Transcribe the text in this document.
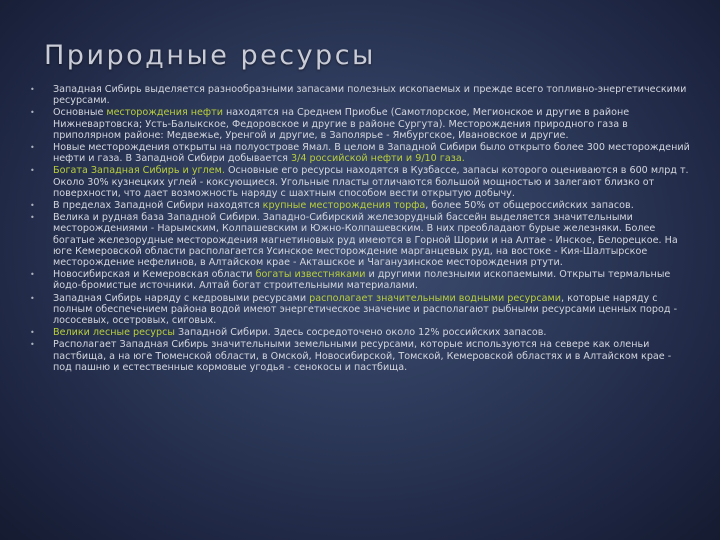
Природные ресурсы
• Западная Сибирь выделяется разнообразными запасами полезных ископаемых и прежде всего топливно-энергетическими ресурсами.
• Основные месторождения нефти находятся на Среднем Приобье (Самотлорское, Мегионское и другие в районе Нижневартовска; Усть-Балыкское, Федоровское и другие в районе Сургута). Месторождения природного газа в приполярном районе: Медвежье, Уренгой и другие, в Заполярье - Ямбургское, Ивановское и другие.
• Новые месторождения открыты на полуострове Ямал. В целом в Западной Сибири было открыто более 300 месторождений нефти и газа. В Западной Сибири добывается 3/4 российской нефти и 9/10 газа.
• Богата Западная Сибирь и углем. Основные его ресурсы находятся в Кузбассе, запасы которого оцениваются в 600 млрд т. Около 30% кузнецких углей - коксующиеся. Угольные пласты отличаются большой мощностью и залегают близко от поверхности, что дает возможность наряду с шахтным способом вести открытую добычу.
• В пределах Западной Сибири находятся крупные месторождения торфа, более 50% от общероссийских запасов.
• Велика и рудная база Западной Сибири. Западно-Сибирский железорудный бассейн выделяется значительными месторождениями - Нарымским, Колпашевским и Южно-Колпашевским. В них преобладают бурые железняки. Более богатые железорудные месторождения магнетиновых руд имеются в Горной Шории и на Алтае - Инское, Белорецкое. На юге Кемеровской области располагается Усинское месторождение марганцевых руд, на востоке - Кия-Шалтырское месторождение нефелинов, в Алтайском крае - Акташское и Чаганузинское месторождения ртути.
• Новосибирская и Кемеровская области богаты известняками и другими полезными ископаемыми. Открыты термальные йодо-бромистые источники. Алтай богат строительными материалами.
• Западная Сибирь наряду с кедровыми ресурсами располагает значительными водными ресурсами, которые наряду с полным обеспечением района водой имеют энергетическое значение и располагают рыбными ресурсами ценных пород - лососевых, осетровых, сиговых.
• Велики лесные ресурсы Западной Сибири. Здесь сосредоточено около 12% российских запасов.
• Располагает Западная Сибирь значительными земельными ресурсами, которые используются на севере как оленьи пастбища, а на юге Тюменской области, в Омской, Новосибирской, Томской, Кемеровской областях и в Алтайском крае - под пашню и естественные кормовые угодья - сенокосы и пастбища.
